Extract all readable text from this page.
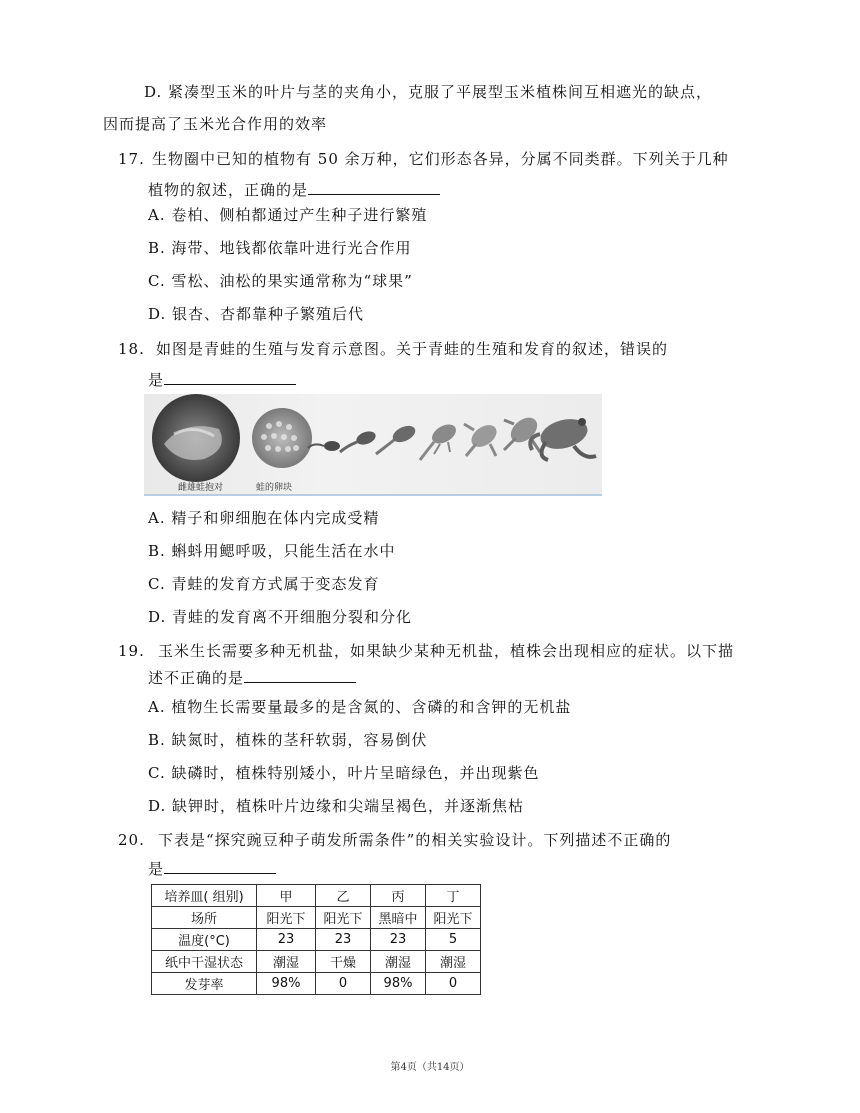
D. 紧凑型玉米的叶片与茎的夹角小，克服了平展型玉米植株间互相遮光的缺点，
因而提高了玉米光合作用的效率
17. 生物圈中已知的植物有 50 余万种，它们形态各异，分属不同类群。下列关于几种
植物的叙述，正确的是
A. 卷柏、侧柏都通过产生种子进行繁殖
B. 海带、地钱都依靠叶进行光合作用
C. 雪松、油松的果实通常称为“球果”
D. 银杏、杏都靠种子繁殖后代
18. 如图是青蛙的生殖与发育示意图。关于青蛙的生殖和发育的叙述，错误的
是
雌雄蛙抱对	蛙的卵块
A. 精子和卵细胞在体内完成受精
B. 蝌蚪用鳃呼吸，只能生活在水中
C. 青蛙的发育方式属于变态发育
D. 青蛙的发育离不开细胞分裂和分化
19. 玉米生长需要多种无机盐，如果缺少某种无机盐，植株会出现相应的症状。以下描
述不正确的是
A. 植物生长需要量最多的是含氮的、含磷的和含钾的无机盐
B. 缺氮时，植株的茎秆软弱，容易倒伏
C. 缺磷时，植株特别矮小，叶片呈暗绿色，并出现紫色
D. 缺钾时，植株叶片边缘和尖端呈褐色，并逐渐焦枯
20. 下表是“探究豌豆种子萌发所需条件”的相关实验设计。下列描述不正确的
是
培养皿( 组别)	甲	乙	丙	丁
场所	阳光下	阳光下	黑暗中	阳光下
温度(°C)	23	23	23	5
纸中干湿状态	潮湿	干燥	潮湿	潮湿
发芽率	98%	0	98%	0
第4页（共14页）
